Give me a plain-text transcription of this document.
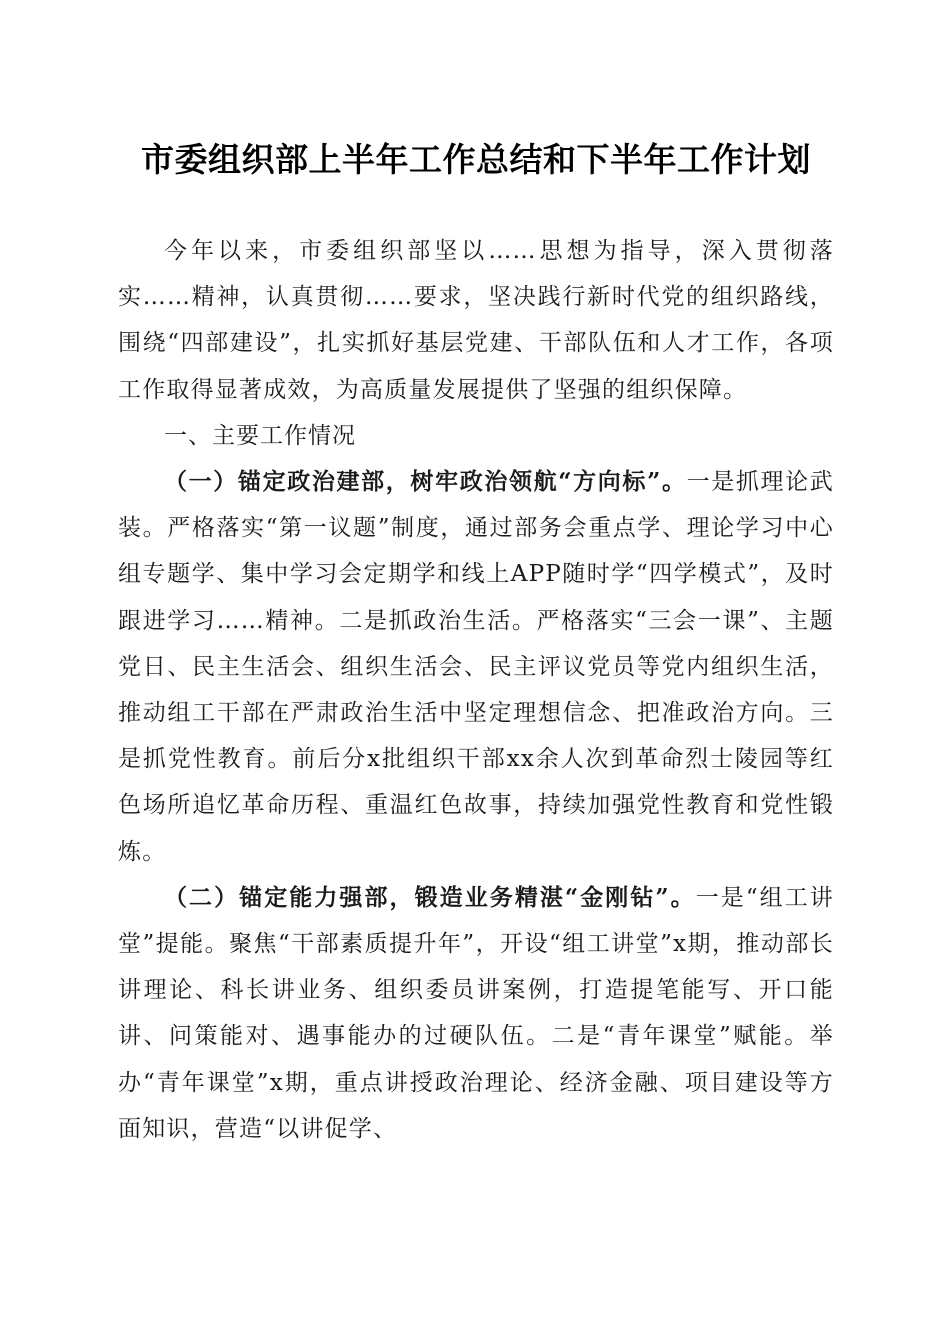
市委组织部上半年工作总结和下半年工作计划

今年以来，市委组织部坚以……思想为指导，深入贯彻落实……精神，认真贯彻……要求，坚决践行新时代党的组织路线，围绕“四部建设”，扎实抓好基层党建、干部队伍和人才工作，各项工作取得显著成效，为高质量发展提供了坚强的组织保障。

一、主要工作情况

（一）锚定政治建部，树牢政治领航“方向标”。一是抓理论武装。严格落实“第一议题”制度，通过部务会重点学、理论学习中心组专题学、集中学习会定期学和线上APP随时学“四学模式”，及时跟进学习……精神。二是抓政治生活。严格落实“三会一课”、主题党日、民主生活会、组织生活会、民主评议党员等党内组织生活，推动组工干部在严肃政治生活中坚定理想信念、把准政治方向。三是抓党性教育。前后分x批组织干部xx余人次到革命烈士陵园等红色场所追忆革命历程、重温红色故事，持续加强党性教育和党性锻炼。

（二）锚定能力强部，锻造业务精湛“金刚钻”。一是“组工讲堂”提能。聚焦“干部素质提升年”，开设“组工讲堂”x期，推动部长讲理论、科长讲业务、组织委员讲案例，打造提笔能写、开口能讲、问策能对、遇事能办的过硬队伍。二是“青年课堂”赋能。举办“青年课堂”x期，重点讲授政治理论、经济金融、项目建设等方面知识，营造“以讲促学、
